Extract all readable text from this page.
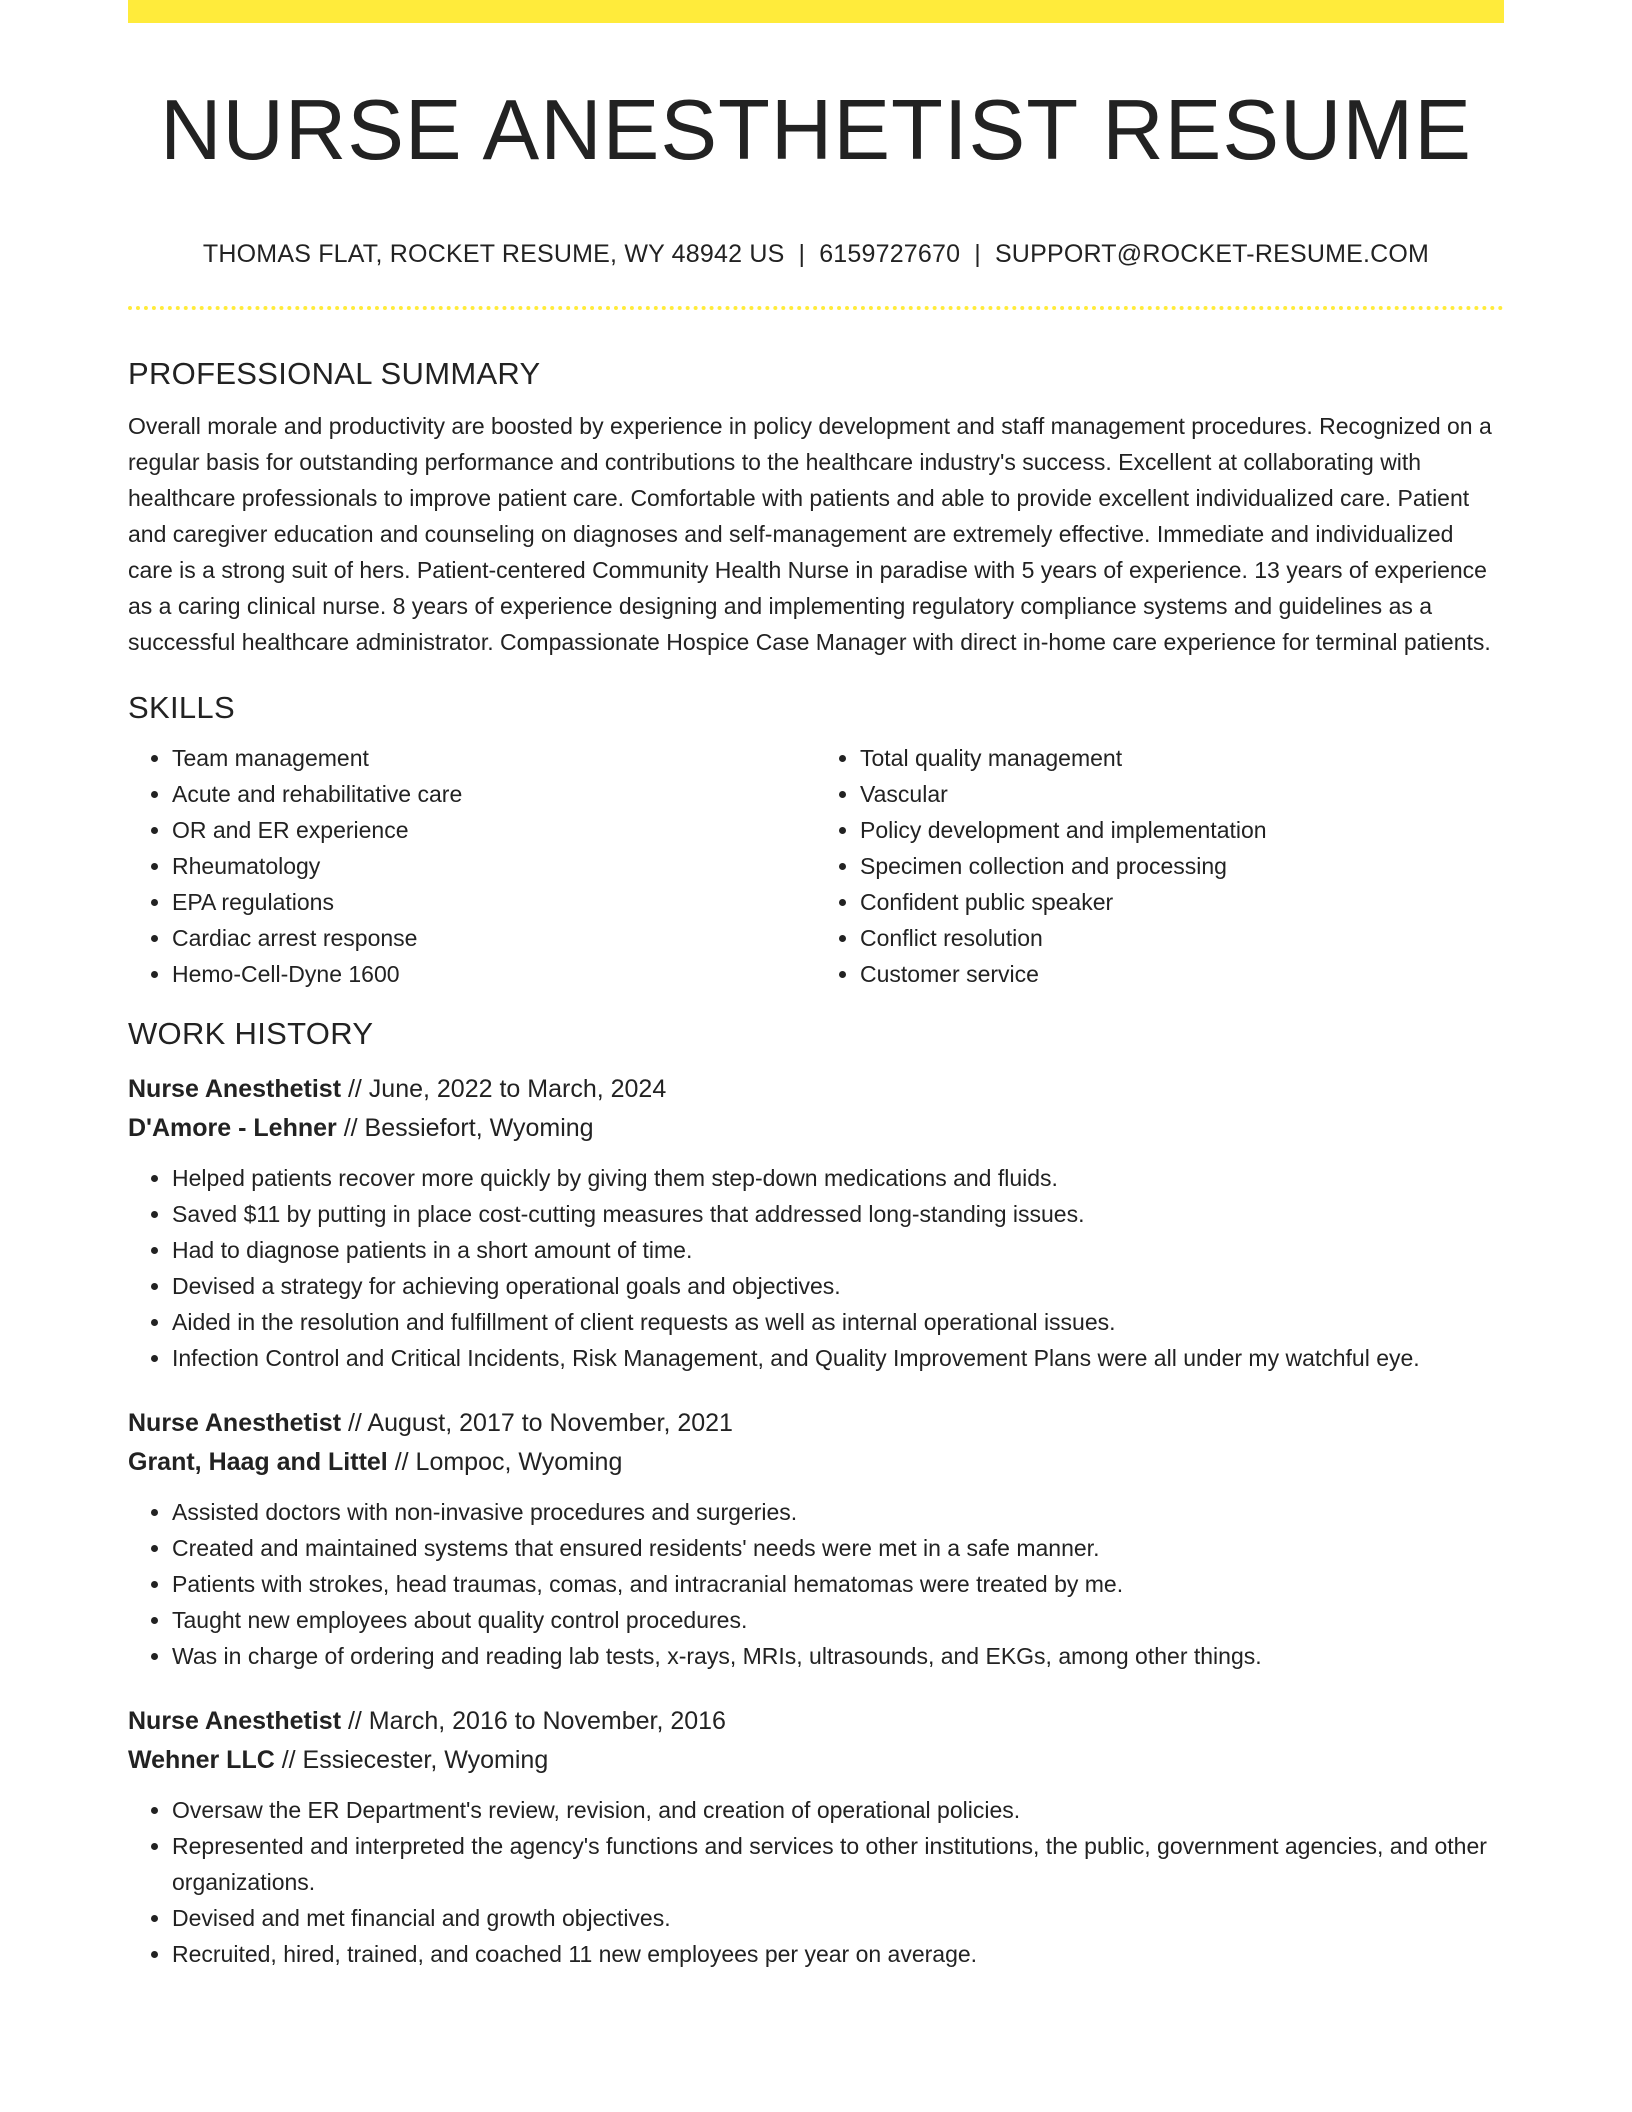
NURSE ANESTHETIST RESUME
THOMAS FLAT, ROCKET RESUME, WY 48942 US | 6159727670 | SUPPORT@ROCKET-RESUME.COM
PROFESSIONAL SUMMARY

Overall morale and productivity are boosted by experience in policy development and staff management procedures. Recognized on a regular basis for outstanding performance and contributions to the healthcare industry's success. Excellent at collaborating with healthcare professionals to improve patient care. Comfortable with patients and able to provide excellent individualized care. Patient and caregiver education and counseling on diagnoses and self-management are extremely effective. Immediate and individualized care is a strong suit of hers. Patient-centered Community Health Nurse in paradise with 5 years of experience. 13 years of experience as a caring clinical nurse. 8 years of experience designing and implementing regulatory compliance systems and guidelines as a successful healthcare administrator. Compassionate Hospice Case Manager with direct in-home care experience for terminal patients.

SKILLS
• Team management
• Acute and rehabilitative care
• OR and ER experience
• Rheumatology
• EPA regulations
• Cardiac arrest response
• Hemo-Cell-Dyne 1600
• Total quality management
• Vascular
• Policy development and implementation
• Specimen collection and processing
• Confident public speaker
• Conflict resolution
• Customer service
WORK HISTORY

Nurse Anesthetist // June, 2022 to March, 2024

D'Amore - Lehner // Bessiefort, Wyoming

• Helped patients recover more quickly by giving them step-down medications and fluids.
• Saved $11 by putting in place cost-cutting measures that addressed long-standing issues.
• Had to diagnose patients in a short amount of time.
• Devised a strategy for achieving operational goals and objectives.
• Aided in the resolution and fulfillment of client requests as well as internal operational issues.
• Infection Control and Critical Incidents, Risk Management, and Quality Improvement Plans were all under my watchful eye.

Nurse Anesthetist // August, 2017 to November, 2021

Grant, Haag and Littel // Lompoc, Wyoming

• Assisted doctors with non-invasive procedures and surgeries.
• Created and maintained systems that ensured residents' needs were met in a safe manner.
• Patients with strokes, head traumas, comas, and intracranial hematomas were treated by me.
• Taught new employees about quality control procedures.
• Was in charge of ordering and reading lab tests, x-rays, MRIs, ultrasounds, and EKGs, among other things.

Nurse Anesthetist // March, 2016 to November, 2016

Wehner LLC // Essiecester, Wyoming

• Oversaw the ER Department's review, revision, and creation of operational policies.
• Represented and interpreted the agency's functions and services to other institutions, the public, government agencies, and other organizations.
• Devised and met financial and growth objectives.
• Recruited, hired, trained, and coached 11 new employees per year on average.
